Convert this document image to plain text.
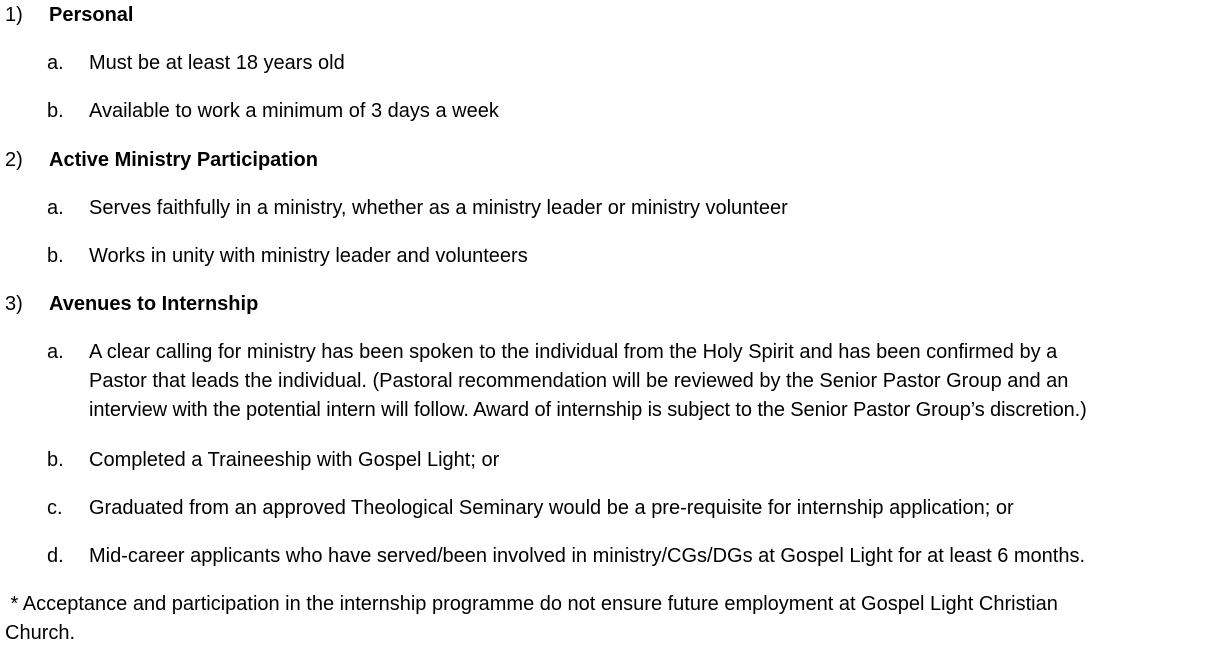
1) Personal
a. Must be at least 18 years old
b. Available to work a minimum of 3 days a week
2) Active Ministry Participation
a. Serves faithfully in a ministry, whether as a ministry leader or ministry volunteer
b. Works in unity with ministry leader and volunteers
3) Avenues to Internship
a. A clear calling for ministry has been spoken to the individual from the Holy Spirit and has been confirmed by a
Pastor that leads the individual. (Pastoral recommendation will be reviewed by the Senior Pastor Group and an
interview with the potential intern will follow. Award of internship is subject to the Senior Pastor Group’s discretion.)
b. Completed a Traineeship with Gospel Light; or
c. Graduated from an approved Theological Seminary would be a pre-requisite for internship application; or
d. Mid-career applicants who have served/been involved in ministry/CGs/DGs at Gospel Light for at least 6 months.
* Acceptance and participation in the internship programme do not ensure future employment at Gospel Light Christian
Church.
